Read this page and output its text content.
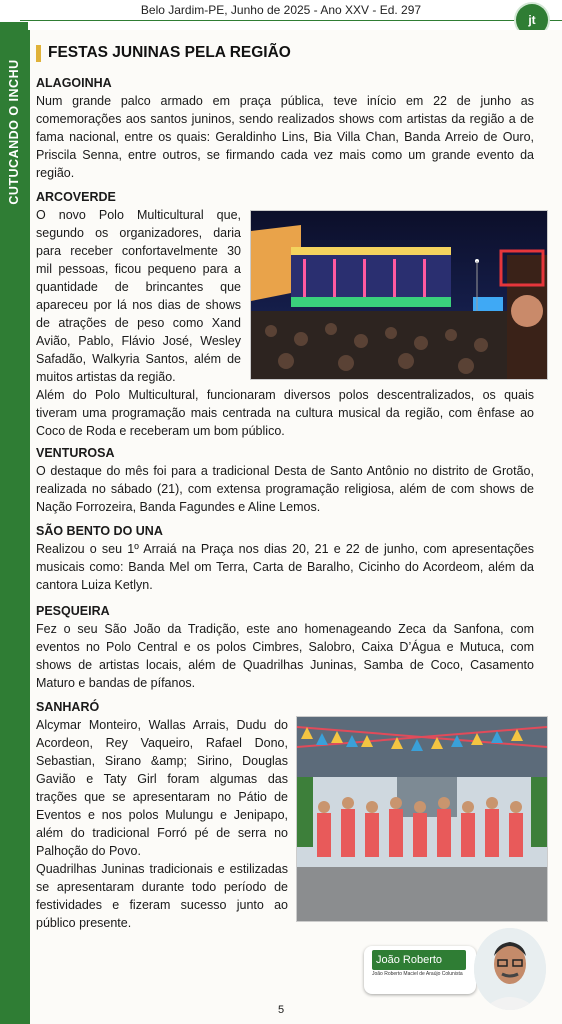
Belo Jardim-PE, Junho de 2025 - Ano XXV - Ed. 297
jt
CUTUCANDO O INCHU
FESTAS JUNINAS PELA REGIÃO
ALAGOINHA

Num grande palco armado em praça pública, teve início em 22 de junho as comemorações aos santos juninos, sendo realizados shows com artistas da região a de fama nacional, entre os quais: Geraldinho Lins, Bia Villa Chan, Banda Arreio de Ouro, Priscila Senna, entre outros, se firmando cada vez mais como um grande evento da região.

ARCOVERDE

O novo Polo Multicultural que, segundo os organizadores, daria para receber confortavelmente 30 mil pessoas, ficou pequeno para a quantidade de brincantes que apareceu por lá nos dias de shows de atrações de peso como Xand Avião, Pablo, Flávio José, Wesley Safadão, Walkyria Santos, além de muitos artistas da região.

Além do Polo Multicultural, funcionaram diversos polos descentralizados, os quais tiveram uma programação mais centrada na cultura musical da região, com ênfase ao Coco de Roda e receberam um bom público.

VENTUROSA

O destaque do mês foi para a tradicional Desta de Santo Antônio no distrito de Grotão, realizada no sábado (21), com extensa programação religiosa, além de com shows de Nação Forrozeira, Banda Fagundes e Aline Lemos.

SÃO BENTO DO UNA

Realizou o seu 1º Arraiá na Praça nos dias 20, 21 e 22 de junho, com apresentações musicais como: Banda Mel om Terra, Carta de Baralho, Cicinho do Acordeom, além da cantora Luiza Ketlyn.

PESQUEIRA

Fez o seu São João da Tradição, este ano homenageando Zeca da Sanfona, com eventos no Polo Central e os polos Cimbres, Salobro, Caixa D’Água e Mutuca, com shows de artistas locais, além de Quadrilhas Juninas, Samba de Coco, Casamento Maturo e bandas de pífanos.

SANHARÓ

Alcymar Monteiro, Wallas Arrais, Dudu do Acordeon, Rey Vaqueiro, Rafael Dono, Sebastian, Sirano &amp; Sirino, Douglas Gavião e Taty Girl foram algumas das trações que se apresentaram no Pátio de Eventos e nos polos Mulungu e Jenipapo, além do tradicional Forró pé de serra no Palhoção do Povo.

Quadrilhas Juninas tradicionais e estilizadas se apresentaram durante todo período de festividades e fizeram sucesso junto ao público presente.

João Roberto
João Roberto Maciel de Araújo Colunista
5
